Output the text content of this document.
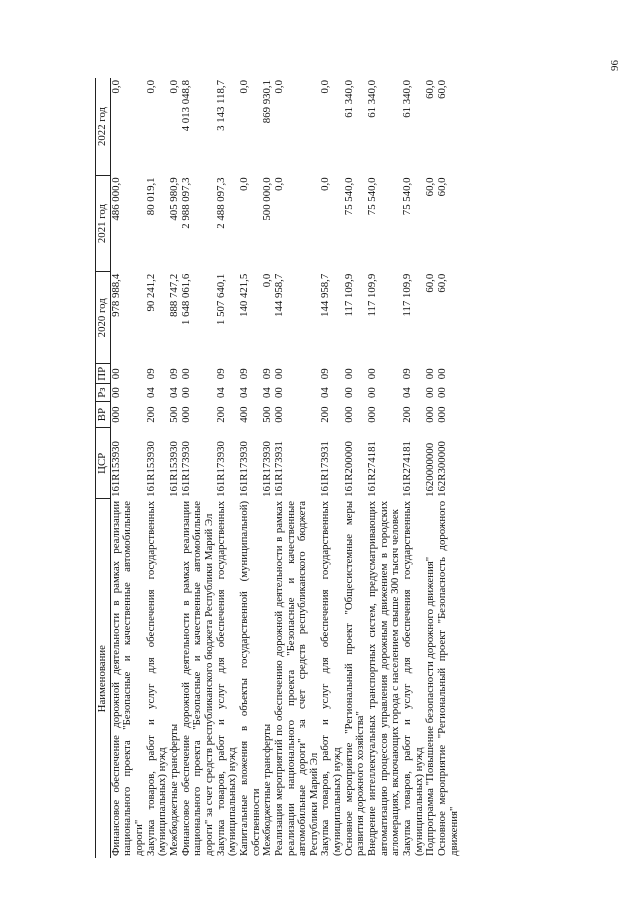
96
Наименование	ЦСР	ВР	Рз	ПР	2020 год	2021 год	2022 год
Финансовое обеспечение дорожной деятельности в рамках реализации национального проекта "Безопасные и качественные автомобильные дороги"	161R153930	000	00	00	978 988,4	486 000,0	0,0
Закупка товаров, работ и услуг для обеспечения государственных (муниципальных) нужд	161R153930	200	04	09	90 241,2	80 019,1	0,0
Межбюджетные трансферты	161R153930	500	04	09	888 747,2	405 980,9	0,0
Финансовое обеспечение дорожной деятельности в рамках реализации национального проекта "Безопасные и качественные автомобильные дороги" за счет средств республиканского бюджета Республики Марий Эл	161R173930	000	00	00	1 648 061,6	2 988 097,3	4 013 048,8
Закупка товаров, работ и услуг для обеспечения государственных (муниципальных) нужд	161R173930	200	04	09	1 507 640,1	2 488 097,3	3 143 118,7
Капитальные вложения в объекты государственной (муниципальной) собственности	161R173930	400	04	09	140 421,5	0,0	0,0
Межбюджетные трансферты	161R173930	500	04	09	0,0	500 000,0	869 930,1
Реализация мероприятий по обеспечению дорожной деятельности в рамках реализации национального проекта "Безопасные и качественные автомобильные дороги" за счет средств республиканского бюджета Республики Марий Эл	161R173931	000	00	00	144 958,7	0,0	0,0
Закупка товаров, работ и услуг для обеспечения государственных (муниципальных) нужд	161R173931	200	04	09	144 958,7	0,0	0,0
Основное мероприятие "Региональный проект "Общесистемные меры развития дорожного хозяйства"	161R200000	000	00	00	117 109,9	75 540,0	61 340,0
Внедрение интеллектуальных транспортных систем, предусматривающих автоматизацию процессов управления дорожным движением в городских агломерациях, включающих города с населением свыше 300 тысяч человек	161R274181	000	00	00	117 109,9	75 540,0	61 340,0
Закупка товаров, работ и услуг для обеспечения государственных (муниципальных) нужд	161R274181	200	04	09	117 109,9	75 540,0	61 340,0
Подпрограмма "Повышение безопасности дорожного движения"	1620000000	000	00	00	60,0	60,0	60,0
Основное мероприятие "Региональный проект "Безопасность дорожного движения"	162R300000	000	00	00	60,0	60,0	60,0
